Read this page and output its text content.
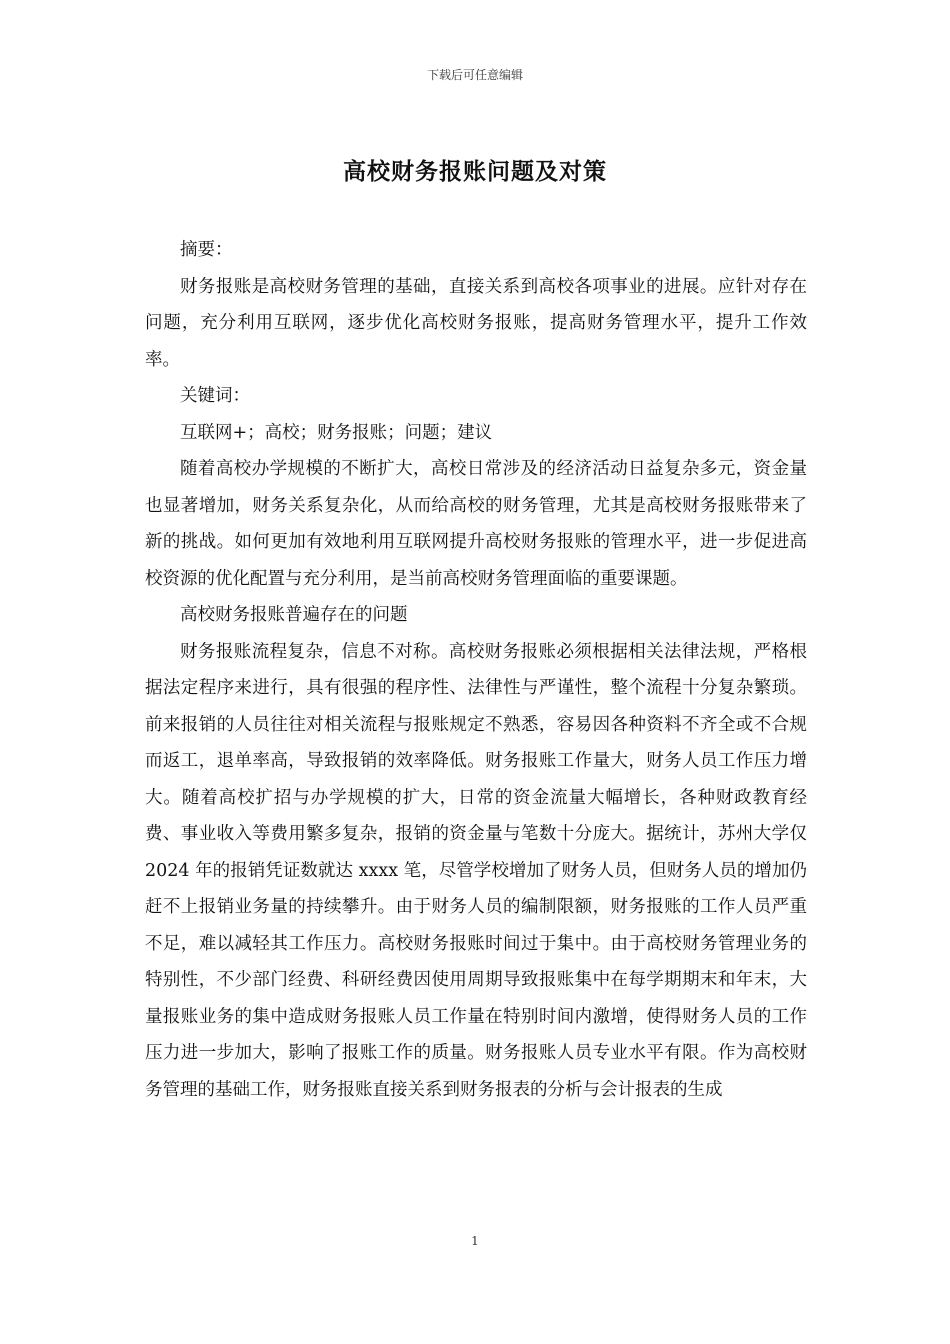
下载后可任意编辑
高校财务报账问题及对策

摘要：

财务报账是高校财务管理的基础，直接关系到高校各项事业的进展。应针对存在问题，充分利用互联网，逐步优化高校财务报账，提高财务管理水平，提升工作效率。

关键词：

互联网+；高校；财务报账；问题；建议

随着高校办学规模的不断扩大，高校日常涉及的经济活动日益复杂多元，资金量也显著增加，财务关系复杂化，从而给高校的财务管理，尤其是高校财务报账带来了新的挑战。如何更加有效地利用互联网提升高校财务报账的管理水平，进一步促进高校资源的优化配置与充分利用，是当前高校财务管理面临的重要课题。

高校财务报账普遍存在的问题

财务报账流程复杂，信息不对称。高校财务报账必须根据相关法律法规，严格根据法定程序来进行，具有很强的程序性、法律性与严谨性，整个流程十分复杂繁琐。前来报销的人员往往对相关流程与报账规定不熟悉，容易因各种资料不齐全或不合规而返工，退单率高，导致报销的效率降低。财务报账工作量大，财务人员工作压力增大。随着高校扩招与办学规模的扩大，日常的资金流量大幅增长，各种财政教育经费、事业收入等费用繁多复杂，报销的资金量与笔数十分庞大。据统计，苏州大学仅 2024 年的报销凭证数就达 xxxx 笔，尽管学校增加了财务人员，但财务人员的增加仍赶不上报销业务量的持续攀升。由于财务人员的编制限额，财务报账的工作人员严重不足，难以减轻其工作压力。高校财务报账时间过于集中。由于高校财务管理业务的特别性，不少部门经费、科研经费因使用周期导致报账集中在每学期期末和年末，大量报账业务的集中造成财务报账人员工作量在特别时间内激增，使得财务人员的工作压力进一步加大，影响了报账工作的质量。财务报账人员专业水平有限。作为高校财务管理的基础工作，财务报账直接关系到财务报表的分析与会计报表的生成

1
